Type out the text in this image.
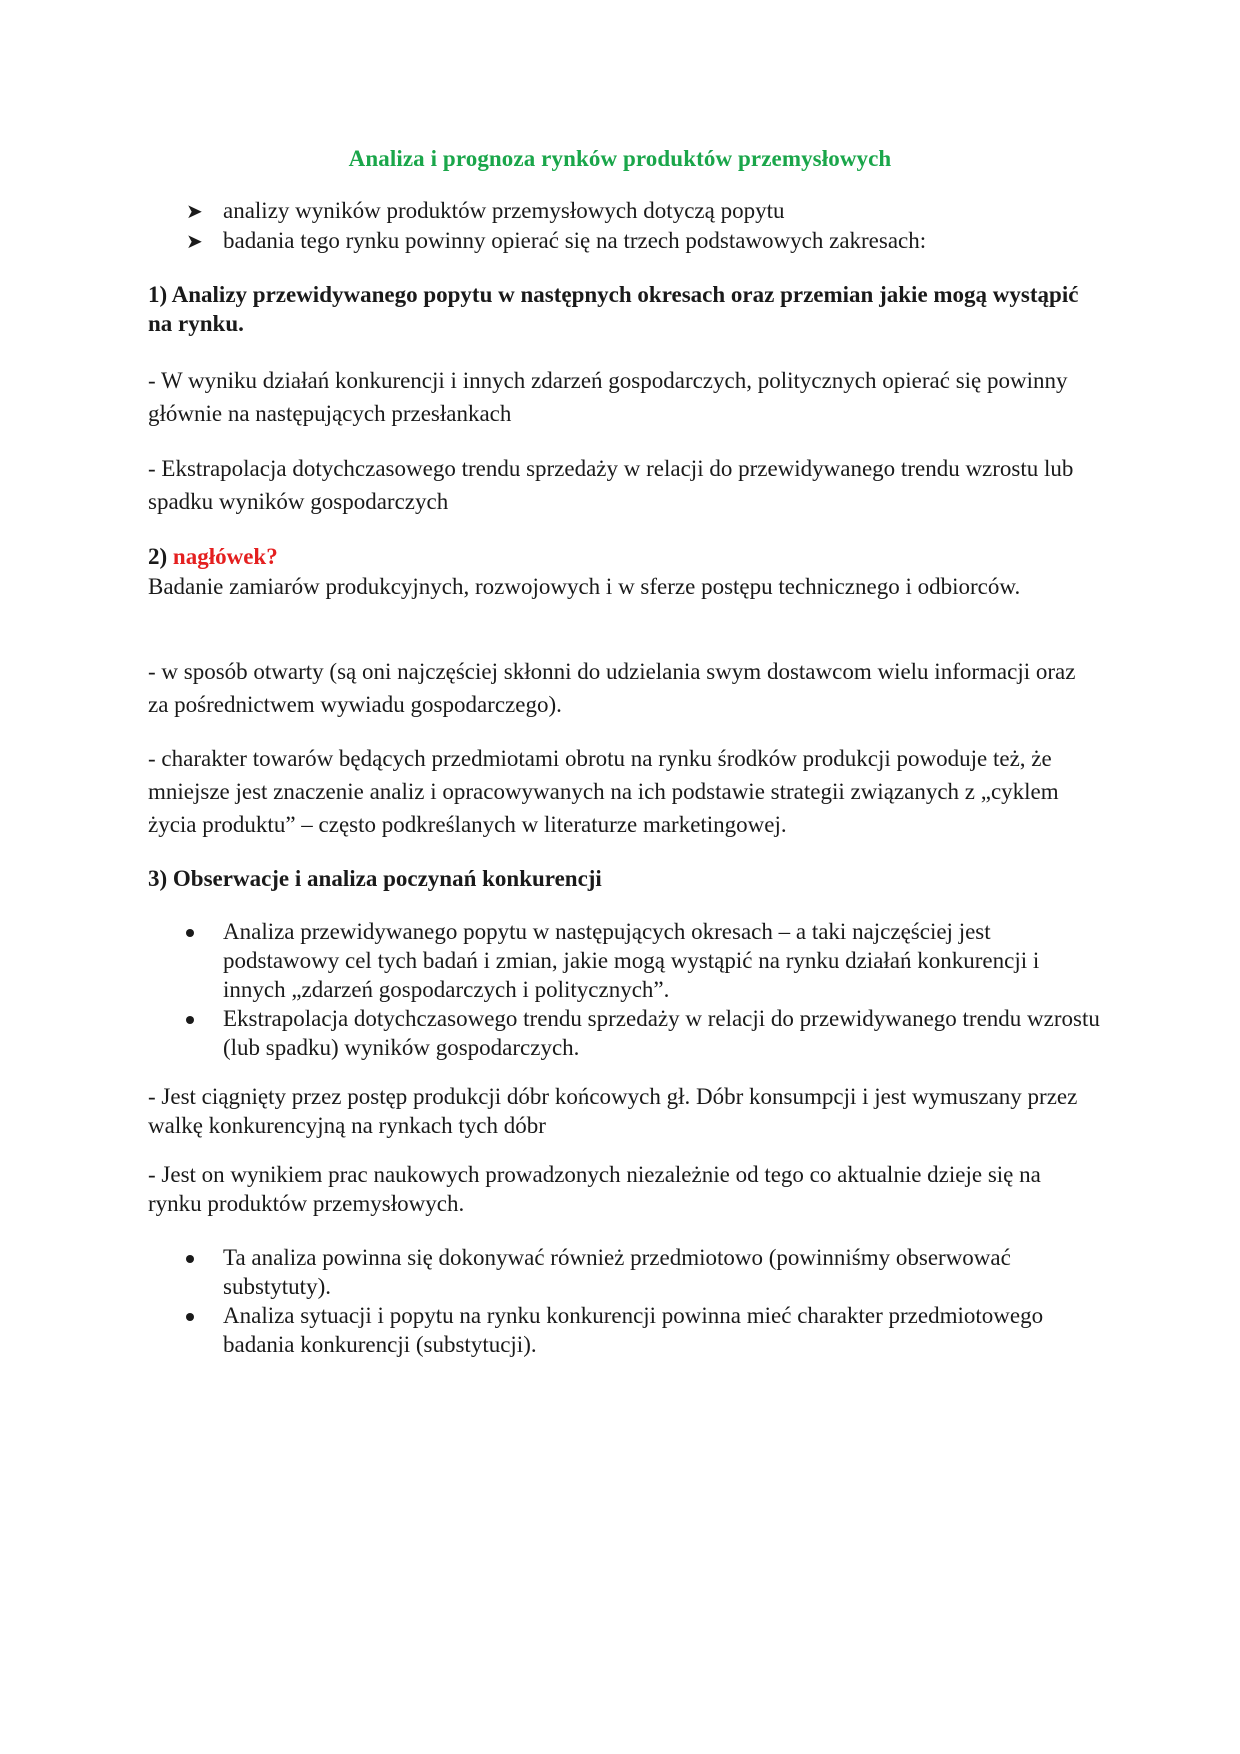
Analiza i prognoza rynków produktów przemysłowych
➤ analizy wyników produktów przemysłowych dotyczą popytu
➤ badania tego rynku powinny opierać się na trzech podstawowych zakresach:
1) Analizy przewidywanego popytu w następnych okresach oraz przemian jakie mogą wystąpić na rynku.

- W wyniku działań konkurencji i innych zdarzeń gospodarczych, politycznych opierać się powinny głównie na następujących przesłankach

- Ekstrapolacja dotychczasowego trendu sprzedaży w relacji do przewidywanego trendu wzrostu lub spadku wyników gospodarczych

2) nagłówek?

Badanie zamiarów produkcyjnych, rozwojowych i w sferze postępu technicznego i odbiorców.

- w sposób otwarty (są oni najczęściej skłonni do udzielania swym dostawcom wielu informacji oraz za pośrednictwem wywiadu gospodarczego).

- charakter towarów będących przedmiotami obrotu na rynku środków produkcji powoduje też, że mniejsze jest znaczenie analiz i opracowywanych na ich podstawie strategii związanych z „cyklem życia produktu” – często podkreślanych w literaturze marketingowej.

3) Obserwacje i analiza poczynań konkurencji
Analiza przewidywanego popytu w następujących okresach – a taki najczęściej jest podstawowy cel tych badań i zmian, jakie mogą wystąpić na rynku działań konkurencji i innych „zdarzeń gospodarczych i politycznych”.
Ekstrapolacja dotychczasowego trendu sprzedaży w relacji do przewidywanego trendu wzrostu (lub spadku) wyników gospodarczych.

- Jest ciągnięty przez postęp produkcji dóbr końcowych gł. Dóbr konsumpcji i jest wymuszany przez walkę konkurencyjną na rynkach tych dóbr

- Jest on wynikiem prac naukowych prowadzonych niezależnie od tego co aktualnie dzieje się na rynku produktów przemysłowych.

Ta analiza powinna się dokonywać również przedmiotowo (powinniśmy obserwować substytuty).
Analiza sytuacji i popytu na rynku konkurencji powinna mieć charakter przedmiotowego badania konkurencji (substytucji).
